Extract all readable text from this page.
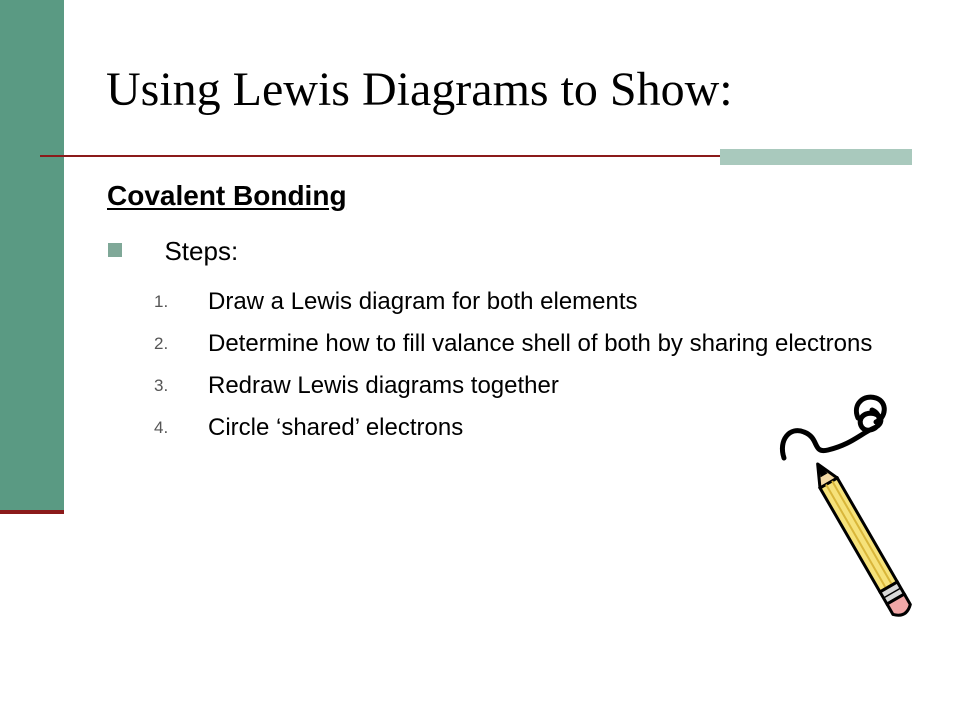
Using Lewis Diagrams to Show:
Covalent Bonding
Steps:
1. Draw a Lewis diagram for both elements
2. Determine how to fill valance shell of both by sharing electrons
3. Redraw Lewis diagrams together
4. Circle ‘shared’ electrons
